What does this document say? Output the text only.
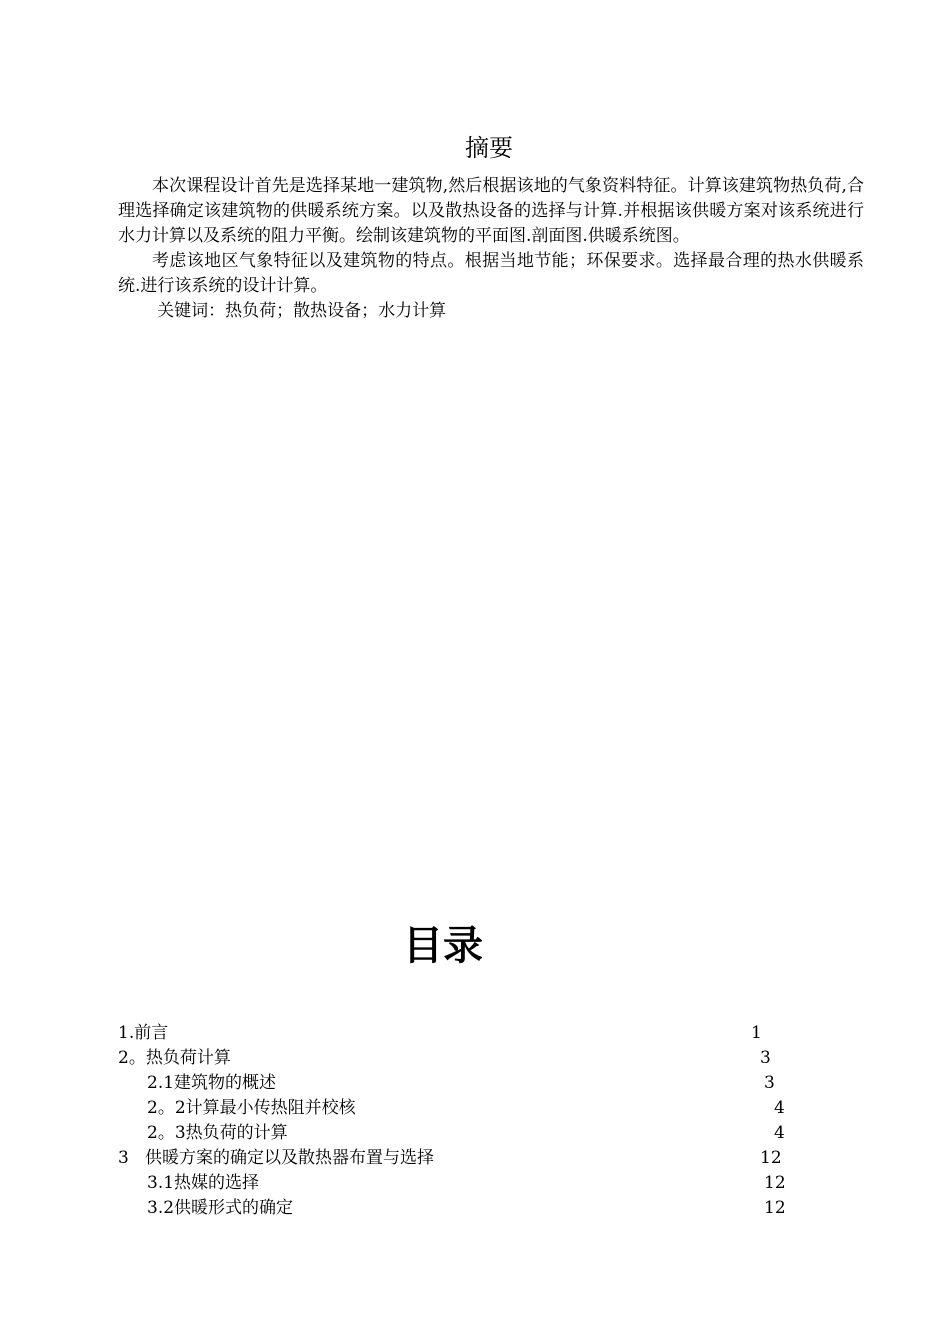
摘要

本次课程设计首先是选择某地一建筑物,然后根据该地的气象资料特征。计算该建筑物热负荷,合理选择确定该建筑物的供暖系统方案。以及散热设备的选择与计算.并根据该供暖方案对该系统进行水力计算以及系统的阻力平衡。绘制该建筑物的平面图.剖面图.供暖系统图。

考虑该地区气象特征以及建筑物的特点。根据当地节能；环保要求。选择最合理的热水供暖系统.进行该系统的设计计算。

关键词：热负荷；散热设备；水力计算

目录
1.前言	1
2。热负荷计算	3
2.1建筑物的概述	3
2。2计算最小传热阻并校核	4
2。3热负荷的计算	4
3   供暖方案的确定以及散热器布置与选择	12
3.1热媒的选择	12
3.2供暖形式的确定	12
